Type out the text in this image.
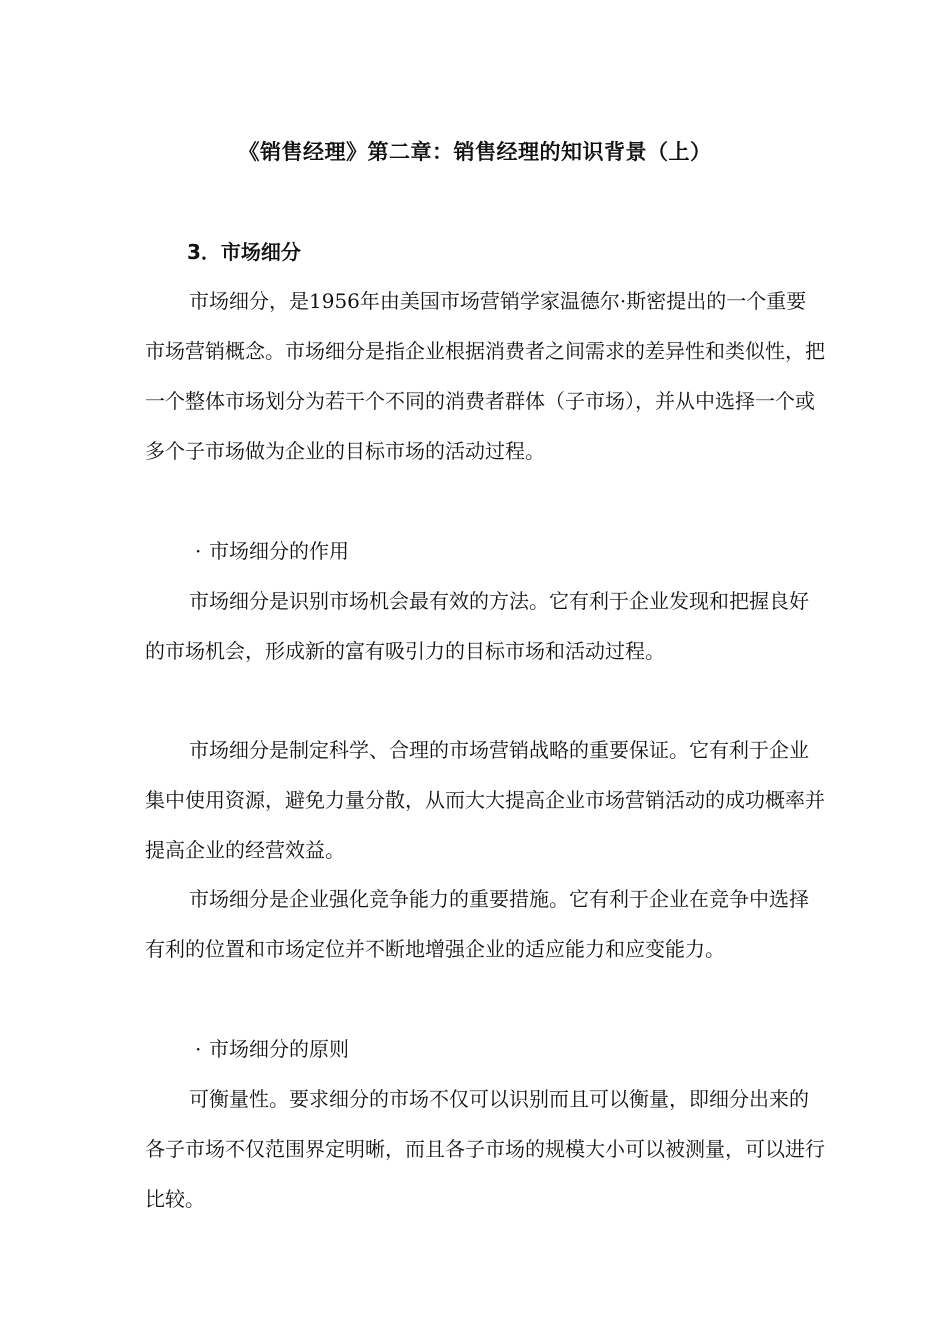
《销售经理》第二章：销售经理的知识背景（上）
3．市场细分

市场细分，是1956年由美国市场营销学家温德尔·斯密提出的一个重要市场营销概念。市场细分是指企业根据消费者之间需求的差异性和类似性，把一个整体市场划分为若干个不同的消费者群体（子市场），并从中选择一个或多个子市场做为企业的目标市场的活动过程。

· 市场细分的作用

市场细分是识别市场机会最有效的方法。它有利于企业发现和把握良好的市场机会，形成新的富有吸引力的目标市场和活动过程。

市场细分是制定科学、合理的市场营销战略的重要保证。它有利于企业集中使用资源，避免力量分散，从而大大提高企业市场营销活动的成功概率并提高企业的经营效益。

市场细分是企业强化竞争能力的重要措施。它有利于企业在竞争中选择有利的位置和市场定位并不断地增强企业的适应能力和应变能力。

· 市场细分的原则

可衡量性。要求细分的市场不仅可以识别而且可以衡量，即细分出来的各子市场不仅范围界定明晰，而且各子市场的规模大小可以被测量，可以进行比较。
